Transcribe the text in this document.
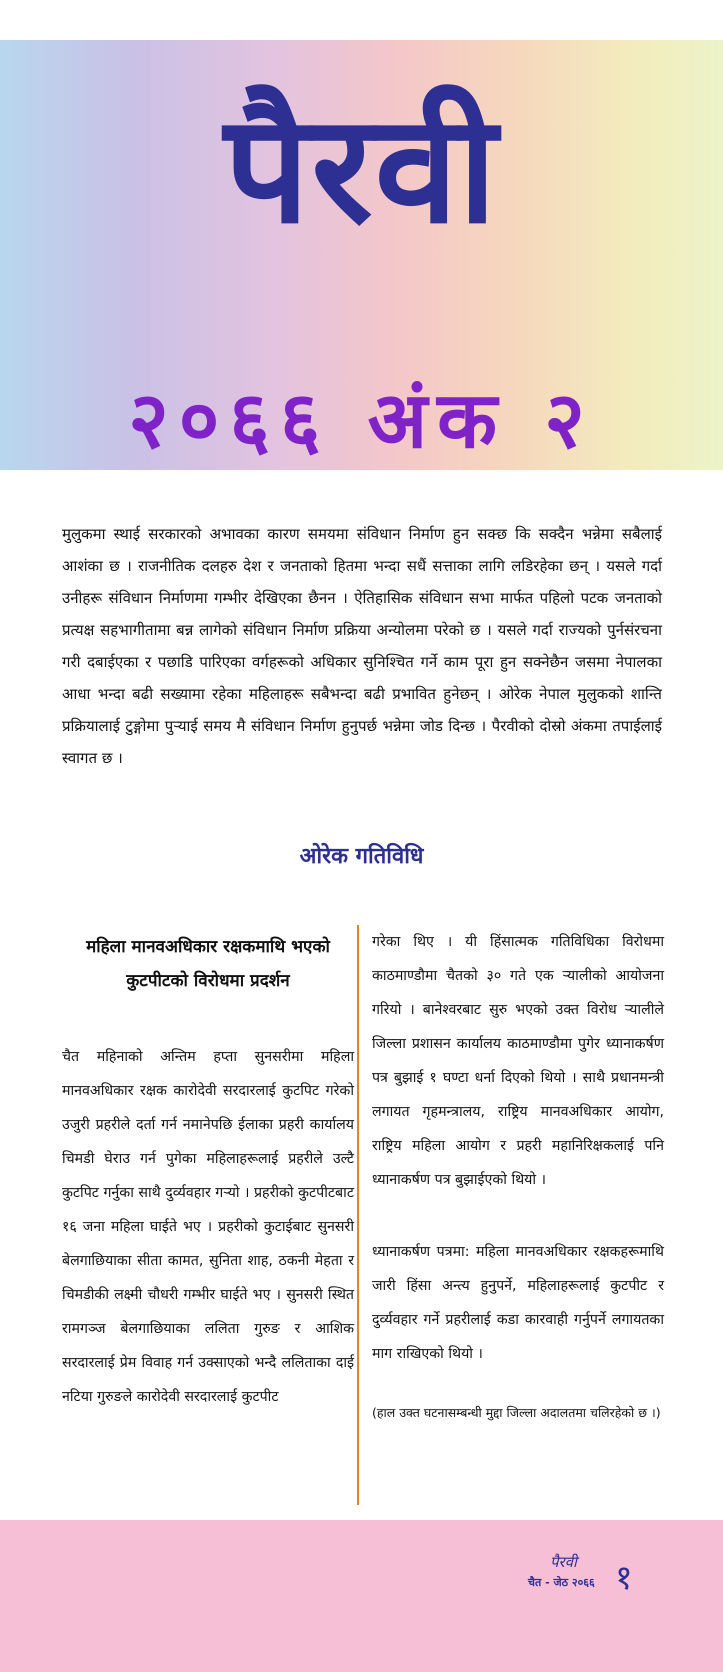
पैरवी
२०६६ अंक २

मुलुकमा स्थाई सरकारको अभावका कारण समयमा संविधान निर्माण हुन सक्छ कि सक्दैन भन्नेमा सबैलाई आशंका छ । राजनीतिक दलहरु देश र जनताको हितमा भन्दा सधैं सत्ताका लागि लडिरहेका छन् । यसले गर्दा उनीहरू संविधान निर्माणमा गम्भीर देखिएका छैनन । ऐतिहासिक संविधान सभा मार्फत पहिलो पटक जनताको प्रत्यक्ष सहभागीतामा बन्न लागेको संविधान निर्माण प्रक्रिया अन्योलमा परेको छ । यसले गर्दा राज्यको पुर्नसंरचना गरी दबाईएका र पछाडि पारिएका वर्गहरूको अधिकार सुनिश्चित गर्ने काम पूरा हुन सक्नेछैन जसमा नेपालका आधा भन्दा बढी सख्यामा रहेका महिलाहरू सबैभन्दा बढी प्रभावित हुनेछन् । ओरेक नेपाल मुलुकको शान्ति प्रक्रियालाई टुङ्गोमा पुऱ्याई समय मै संविधान निर्माण हुनुपर्छ भन्नेमा जोड दिन्छ । पैरवीको दोस्रो अंकमा तपाईलाई स्वागत छ ।

ओरेक गतिविधि
महिला मानवअधिकार रक्षकमाथि भएको
कुटपीटको विरोधमा प्रदर्शन

चैत महिनाको अन्तिम हप्ता सुनसरीमा महिला मानवअधिकार रक्षक कारोदेवी सरदारलाई कुटपिट गरेको उजुरी प्रहरीले दर्ता गर्न नमानेपछि ईलाका प्रहरी कार्यालय चिमडी घेराउ गर्न पुगेका महिलाहरूलाई प्रहरीले उल्टै कुटपिट गर्नुका साथै दुर्व्यवहार गऱ्यो । प्रहरीको कुटपीटबाट १६ जना महिला घाईते भए । प्रहरीको कुटाईबाट सुनसरी बेलगाछियाका सीता कामत, सुनिता शाह, ठकनी मेहता र चिमडीकी लक्ष्मी चौधरी गम्भीर घाईते भए । सुनसरी स्थित रामगञ्ज बेलगाछियाका ललिता गुरुङ र आशिक सरदारलाई प्रेम विवाह गर्न उक्साएको भन्दै ललिताका दाई नटिया गुरुङले कारोदेवी सरदारलाई कुटपीट

गरेका थिए । यी हिंसात्मक गतिविधिका विरोधमा काठमाण्डौमा चैतको ३० गते एक ऱ्यालीको आयोजना गरियो । बानेश्वरबाट सुरु भएको उक्त विरोध ऱ्यालीले जिल्ला प्रशासन कार्यालय काठमाण्डौमा पुगेर ध्यानाकर्षण पत्र बुझाई १ घण्टा धर्ना दिएको थियो । साथै प्रधानमन्त्री लगायत गृहमन्त्रालय, राष्ट्रिय मानवअधिकार आयोग, राष्ट्रिय महिला आयोग र प्रहरी महानिरिक्षकलाई पनि ध्यानाकर्षण पत्र बुझाईएको थियो ।

ध्यानाकर्षण पत्रमा: महिला मानवअधिकार रक्षकहरूमाथि जारी हिंसा अन्त्य हुनुपर्ने, महिलाहरूलाई कुटपीट र दुर्व्यवहार गर्ने प्रहरीलाई कडा कारवाही गर्नुपर्ने लगायतका माग राखिएको थियो ।

(हाल उक्त घटनासम्बन्धी मुद्दा जिल्ला अदालतमा चलिरहेको छ ।)

पैरवी
चैत - जेठ २०६६ १
